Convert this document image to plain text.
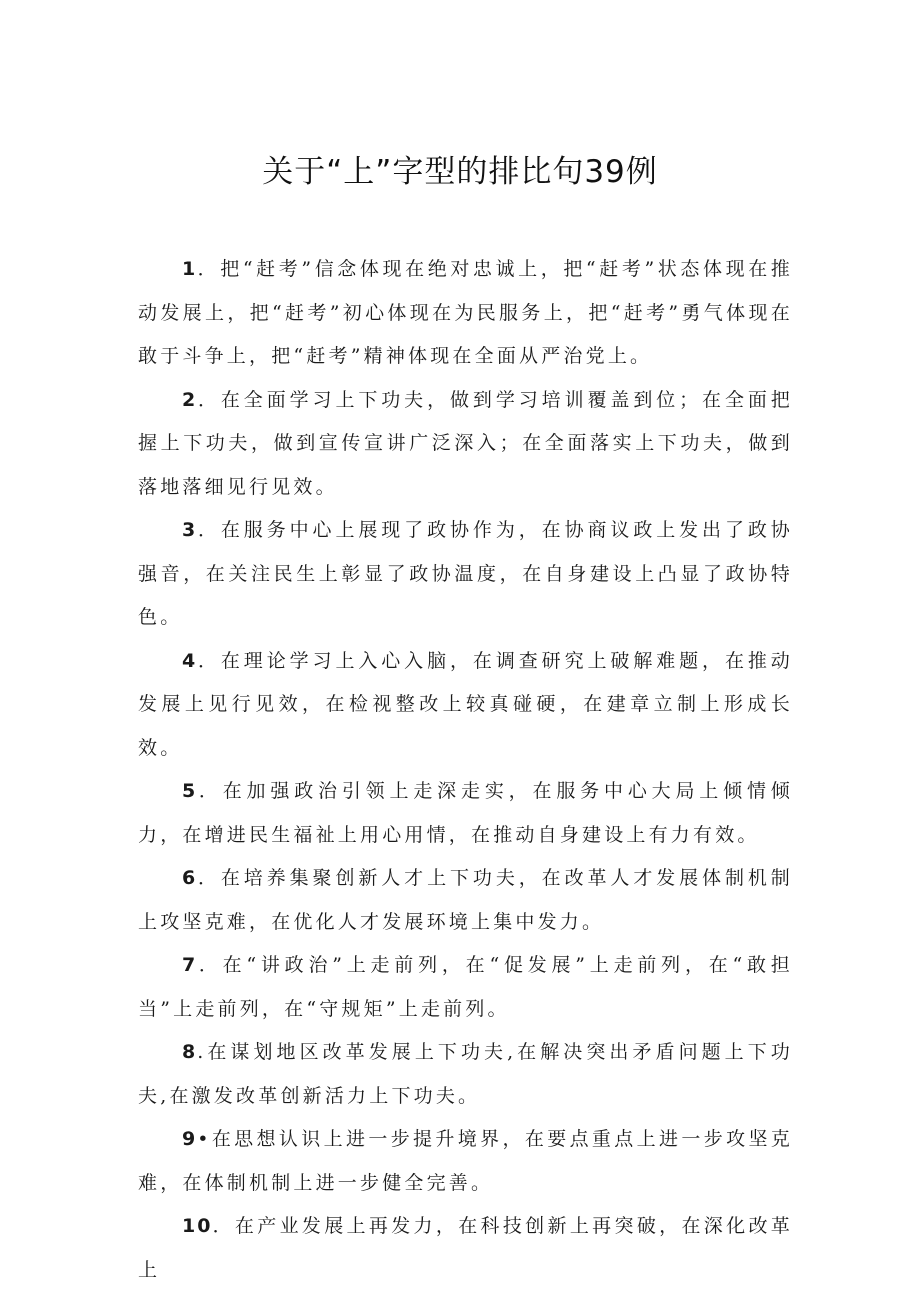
关于“上”字型的排比句39例

1．把“赶考”信念体现在绝对忠诚上，把“赶考”状态体现在推动发展上，把“赶考”初心体现在为民服务上，把“赶考”勇气体现在敢于斗争上，把“赶考”精神体现在全面从严治党上。

2．在全面学习上下功夫，做到学习培训覆盖到位；在全面把握上下功夫，做到宣传宣讲广泛深入；在全面落实上下功夫，做到落地落细见行见效。

3．在服务中心上展现了政协作为，在协商议政上发出了政协强音，在关注民生上彰显了政协温度，在自身建设上凸显了政协特色。

4．在理论学习上入心入脑，在调查研究上破解难题，在推动发展上见行见效，在检视整改上较真碰硬，在建章立制上形成长效。

5．在加强政治引领上走深走实，在服务中心大局上倾情倾力，在增进民生福祉上用心用情，在推动自身建设上有力有效。

6．在培养集聚创新人才上下功夫，在改革人才发展体制机制上攻坚克难，在优化人才发展环境上集中发力。

7．在“讲政治”上走前列，在“促发展”上走前列，在“敢担当”上走前列，在“守规矩”上走前列。

8.在谋划地区改革发展上下功夫,在解决突出矛盾问题上下功夫,在激发改革创新活力上下功夫。

9•在思想认识上进一步提升境界，在要点重点上进一步攻坚克难，在体制机制上进一步健全完善。

10．在产业发展上再发力，在科技创新上再突破，在深化改革上
